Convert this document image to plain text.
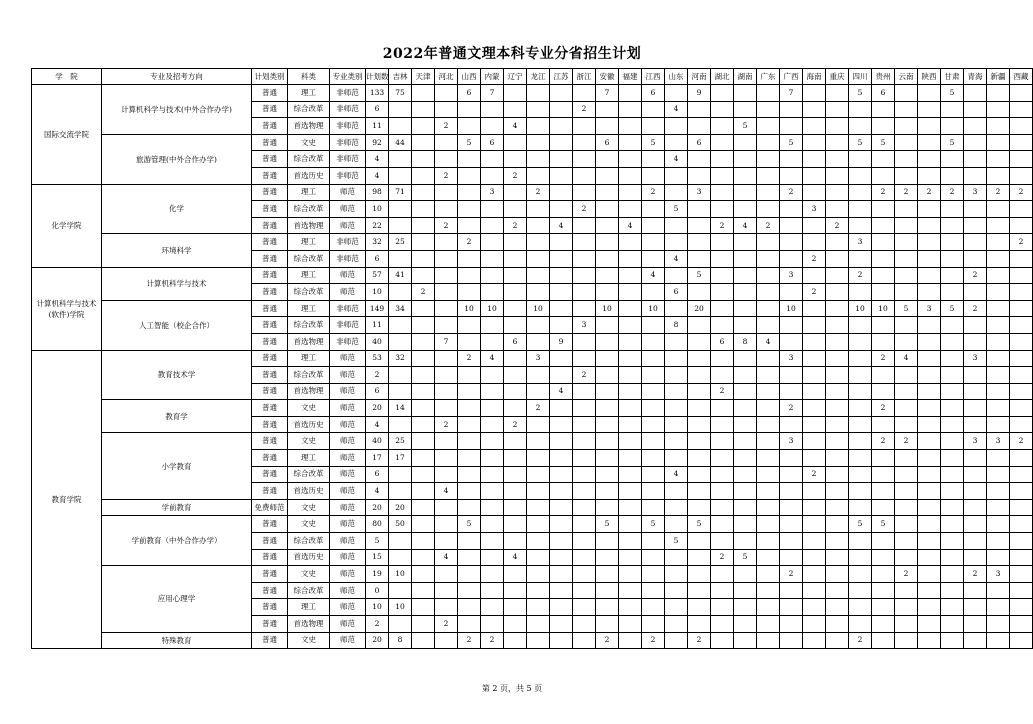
2022年普通文理本科专业分省招生计划
学　院	专业及招考方向	计划类别	科类	专业类别	计划数	吉林	天津	河北	山西	内蒙	辽宁	龙江	江苏	浙江	安徽	福建	江西	山东	河南	湖北	湖南	广东	广西	海南	重庆	四川	贵州	云南	陕西	甘肃	青海	新疆	西藏
国际交流学院	计算机科学与技术(中外合作办学)	普通	理工	非师范	133	75			6	7					7		6		9				7			5	6			5			
		普通	综合改革	非师范	6									2				4															
		普通	首选物理	非师范	11			2			4										5												
	旅游管理(中外合作办学)	普通	文史	非师范	92	44			5	6					6		5		6				5			5	5			5			
		普通	综合改革	非师范	4													4															
		普通	首选历史	非师范	4			2			2																						
化学学院	化学	普通	理工	师范	98	71				3		2					2		3				2				2	2	2	2	3	2	2
		普通	综合改革	师范	10									2				5						3									
		普通	首选物理	师范	22			2			2		4			4				2	4	2			2								
	环境科学	普通	理工	非师范	32	25			2																	3							2
		普通	综合改革	非师范	6													4						2									
计算机科学与技术(软件)学院	计算机科学与技术	普通	理工	师范	57	41											4		5				3			2					2		
		普通	综合改革	师范	10		2											6						2									
	人工智能（校企合作）	普通	理工	非师范	149	34			10	10		10			10		10		20				10			10	10	5	3	5	2		
		普通	综合改革	非师范	11									3				8															
		普通	首选物理	非师范	40			7			6		9							6	8	4											
教育学院	教育技术学	普通	理工	师范	53	32			2	4		3											3				2	4			3		
		普通	综合改革	师范	2									2																			
		普通	首选物理	师范	6								4							2													
	教育学	普通	文史	师范	20	14						2											2				2						
		普通	首选历史	师范	4			2			2																						
	小学教育	普通	文史	师范	40	25																	3				2	2			3	3	2
		普通	理工	师范	17	17																											
		普通	综合改革	师范	6													4						2									
		普通	首选历史	师范	4			4																									
	学前教育	免费师范	文史	师范	20	20																											
	学前教育（中外合作办学）	普通	文史	师范	80	50			5						5		5		5							5	5						
		普通	综合改革	师范	5													5															
		普通	首选历史	师范	15			4			4									2	5												
	应用心理学	普通	文史	师范	19	10																	2					2			2	3	
		普通	综合改革	师范	0																												
		普通	理工	师范	10	10																											
		普通	首选物理	师范	2			2																									
	特殊教育	普通	文史	师范	20	8			2	2					2		2		2							2							
第 2 页，共 5 页
